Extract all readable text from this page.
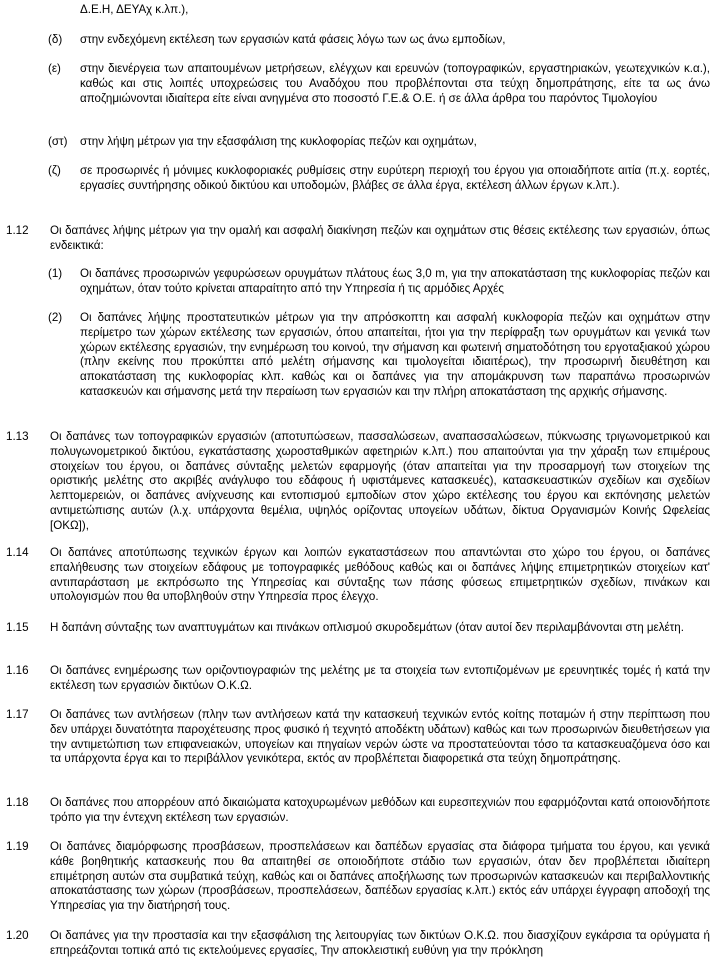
Δ.Ε.Η, ΔΕΥΑχ κ.λπ.),
(δ) στην ενδεχόμενη εκτέλεση των εργασιών κατά φάσεις λόγω των ως άνω εμποδίων,
(ε) στην διενέργεια των απαιτουμένων μετρήσεων, ελέγχων και ερευνών (τοπογραφικών, εργαστηριακών, γεωτεχνικών κ.α.), καθώς και στις λοιπές υποχρεώσεις του Αναδόχου που προβλέπονται στα τεύχη δημοπράτησης, είτε τα ως άνω αποζημιώνονται ιδιαίτερα είτε είναι ανηγμένα στο ποσοστό Γ.Ε.& Ο.Ε. ή σε άλλα άρθρα του παρόντος Τιμολογίου
(στ) στην λήψη μέτρων για την εξασφάλιση της κυκλοφορίας πεζών και οχημάτων,
(ζ) σε προσωρινές ή μόνιμες κυκλοφοριακές ρυθμίσεις στην ευρύτερη περιοχή του έργου για οποιαδήποτε αιτία (π.χ. εορτές, εργασίες συντήρησης οδικού δικτύου και υποδομών, βλάβες σε άλλα έργα, εκτέλεση άλλων έργων κ.λπ.).
1.12 Οι δαπάνες λήψης μέτρων για την ομαλή και ασφαλή διακίνηση πεζών και οχημάτων στις θέσεις εκτέλεσης των εργασιών, όπως ενδεικτικά:
(1) Οι δαπάνες προσωρινών γεφυρώσεων ορυγμάτων πλάτους έως 3,0 m, για την αποκατάσταση της κυκλοφορίας πεζών και οχημάτων, όταν τούτο κρίνεται απαραίτητο από την Υπηρεσία ή τις αρμόδιες Αρχές
(2) Οι δαπάνες λήψης προστατευτικών μέτρων για την απρόσκοπτη και ασφαλή κυκλοφορία πεζών και οχημάτων στην περίμετρο των χώρων εκτέλεσης των εργασιών, όπου απαιτείται, ήτοι για την περίφραξη των ορυγμάτων και γενικά των χώρων εκτέλεσης εργασιών, την ενημέρωση του κοινού, την σήμανση και φωτεινή σηματοδότηση του εργοταξιακού χώρου (πλην εκείνης που προκύπτει από μελέτη σήμανσης και τιμολογείται ιδιαιτέρως), την προσωρινή διευθέτηση και αποκατάσταση της κυκλοφορίας κλπ. καθώς και οι δαπάνες για την απομάκρυνση των παραπάνω προσωρινών κατασκευών και σήμανσης μετά την περαίωση των εργασιών και την πλήρη αποκατάσταση της αρχικής σήμανσης.
1.13 Οι δαπάνες των τοπογραφικών εργασιών (αποτυπώσεων, πασσαλώσεων, αναπασσαλώσεων, πύκνωσης τριγωνομετρικού και πολυγωνομετρικού δικτύου, εγκατάστασης χωροσταθμικών αφετηριών κ.λπ.) που απαιτούνται για την χάραξη των επιμέρους στοιχείων του έργου, οι δαπάνες σύνταξης μελετών εφαρμογής (όταν απαιτείται για την προσαρμογή των στοιχείων της οριστικής μελέτης στο ακριβές ανάγλυφο του εδάφους ή υφιστάμενες κατασκευές), κατασκευαστικών σχεδίων και σχεδίων λεπτομερειών, οι δαπάνες ανίχνευσης και εντοπισμού εμποδίων στον χώρο εκτέλεσης του έργου και εκπόνησης μελετών αντιμετώπισης αυτών (λ.χ. υπάρχοντα θεμέλια, υψηλός ορίζοντας υπογείων υδάτων, δίκτυα Οργανισμών Κοινής Ωφελείας [ΟΚΩ]),
1.14 Οι δαπάνες αποτύπωσης τεχνικών έργων και λοιπών εγκαταστάσεων που απαντώνται στο χώρο του έργου, οι δαπάνες επαλήθευσης των στοιχείων εδάφους με τοπογραφικές μεθόδους καθώς και οι δαπάνες λήψης επιμετρητικών στοιχείων κατ' αντιπαράσταση με εκπρόσωπο της Υπηρεσίας και σύνταξης των πάσης φύσεως επιμετρητικών σχεδίων, πινάκων και υπολογισμών που θα υποβληθούν στην Υπηρεσία προς έλεγχο.
1.15 Η δαπάνη σύνταξης των αναπτυγμάτων και πινάκων οπλισμού σκυροδεμάτων (όταν αυτοί δεν περιλαμβάνονται στη μελέτη.
1.16 Οι δαπάνες ενημέρωσης των οριζοντιογραφιών της μελέτης με τα στοιχεία των εντοπιζομένων με ερευνητικές τομές ή κατά την εκτέλεση των εργασιών δικτύων Ο.Κ.Ω.
1.17 Οι δαπάνες των αντλήσεων (πλην των αντλήσεων κατά την κατασκευή τεχνικών εντός κοίτης ποταμών ή στην περίπτωση που δεν υπάρχει δυνατότητα παροχέτευσης προς φυσικό ή τεχνητό αποδέκτη υδάτων) καθώς και των προσωρινών διευθετήσεων για την αντιμετώπιση των επιφανειακών, υπογείων και πηγαίων νερών ώστε να προστατεύονται τόσο τα κατασκευαζόμενα όσο και τα υπάρχοντα έργα και το περιβάλλον γενικότερα, εκτός αν προβλέπεται διαφορετικά στα τεύχη δημοπράτησης.
1.18 Οι δαπάνες που απορρέουν από δικαιώματα κατοχυρωμένων μεθόδων και ευρεσιτεχνιών που εφαρμόζονται κατά οποιονδήποτε τρόπο για την έντεχνη εκτέλεση των εργασιών.
1.19 Οι δαπάνες διαμόρφωσης προσβάσεων, προσπελάσεων και δαπέδων εργασίας στα διάφορα τμήματα του έργου, και γενικά κάθε βοηθητικής κατασκευής που θα απαιτηθεί σε οποιοδήποτε στάδιο των εργασιών, όταν δεν προβλέπεται ιδιαίτερη επιμέτρηση αυτών στα συμβατικά τεύχη, καθώς και οι δαπάνες αποξήλωσης των προσωρινών κατασκευών και περιβαλλοντικής αποκατάστασης των χώρων (προσβάσεων, προσπελάσεων, δαπέδων εργασίας κ.λπ.) εκτός εάν υπάρχει έγγραφη αποδοχή της Υπηρεσίας για την διατήρησή τους.
1.20 Οι δαπάνες για την προστασία και την εξασφάλιση της λειτουργίας των δικτύων Ο.Κ.Ω. που διασχίζουν εγκάρσια τα ορύγματα ή επηρεάζονται τοπικά από τις εκτελούμενες εργασίες, Την αποκλειστική ευθύνη για την πρόκληση
